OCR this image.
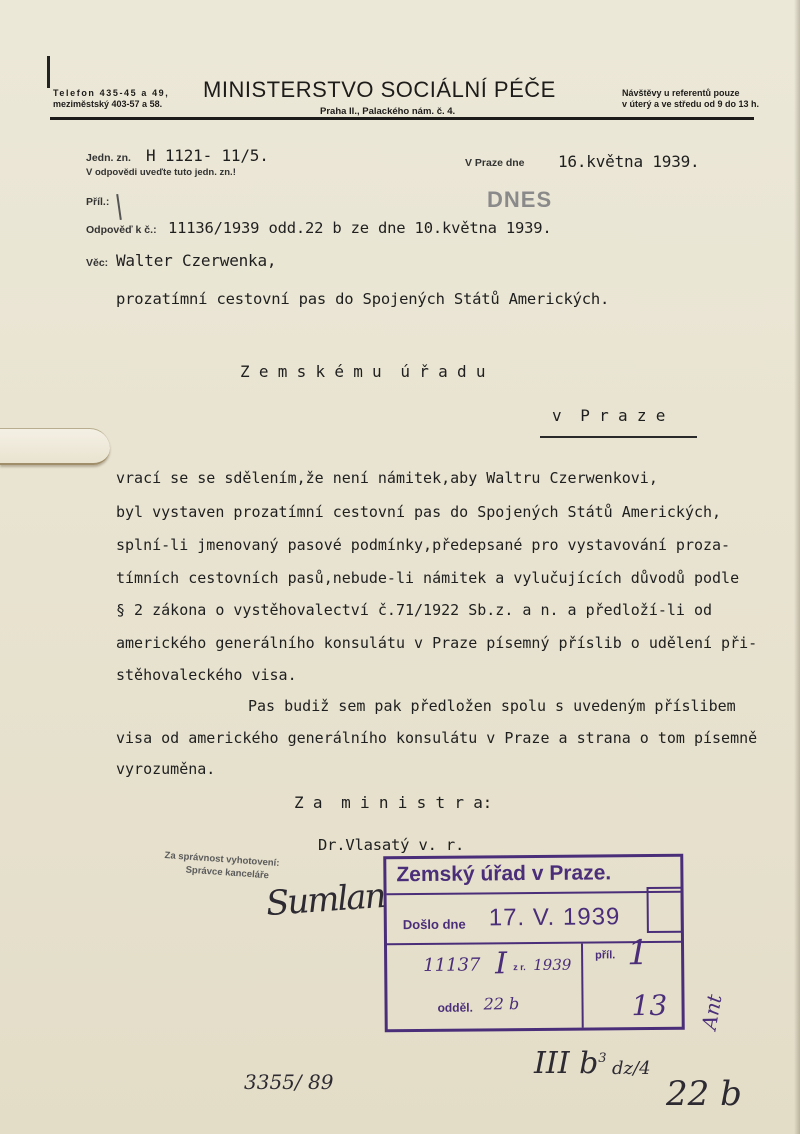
Telefon 435-45 a 49,
meziměstský 403-57 a 58.
MINISTERSTVO SOCIÁLNÍ PÉČE
Praha II., Palackého nám. č. 4.
Návštěvy u referentů pouze
v úterý a ve středu od 9 do 13 h.
Jedn. zn. H 1121- 11/5.
V odpovědi uveďte tuto jedn. zn.!
V Praze dne 16.května 1939.
Příl.:	DNES
Odpověď k č.: 11136/1939 odd.22 b ze dne 10.května 1939.
Věc: Walter Czerwenka,
prozatímní cestovní pas do Spojených Států Amerických.
Z e m s k é m u  ú ř a d u
v  P r a z e
vrací se se sdělením,že není námitek,aby Waltru Czerwenkovi,
byl vystaven prozatímní cestovní pas do Spojených Států Amerických,
splní-li jmenovaný pasové podmínky,předepsané pro vystavování proza-
tímních cestovních pasů,nebude-li námitek a vylučujících důvodů podle
§ 2 zákona o vystěhovalectví č.71/1922 Sb.z. a n. a předloží-li od
amerického generálního konsulátu v Praze písemný příslib o udělení při-
stěhovaleckého visa.
Pas budiž sem pak předložen spolu s uvedeným příslibem
visa od amerického generálního konsulátu v Praze a strana o tom písemně
vyrozuměna.
Z a  m i n i s t r a:
Dr.Vlasatý v. r.
Za správnost vyhotovení:
Správce kanceláře
Sumlan
Zemský úřad v Praze.
Došlo dne 17. V. 1939
11137 I z r. 1939
příl. 1
odděl. 22 b	13 Ant
3355/ 89
III $b^3$ dz/4
22 b
